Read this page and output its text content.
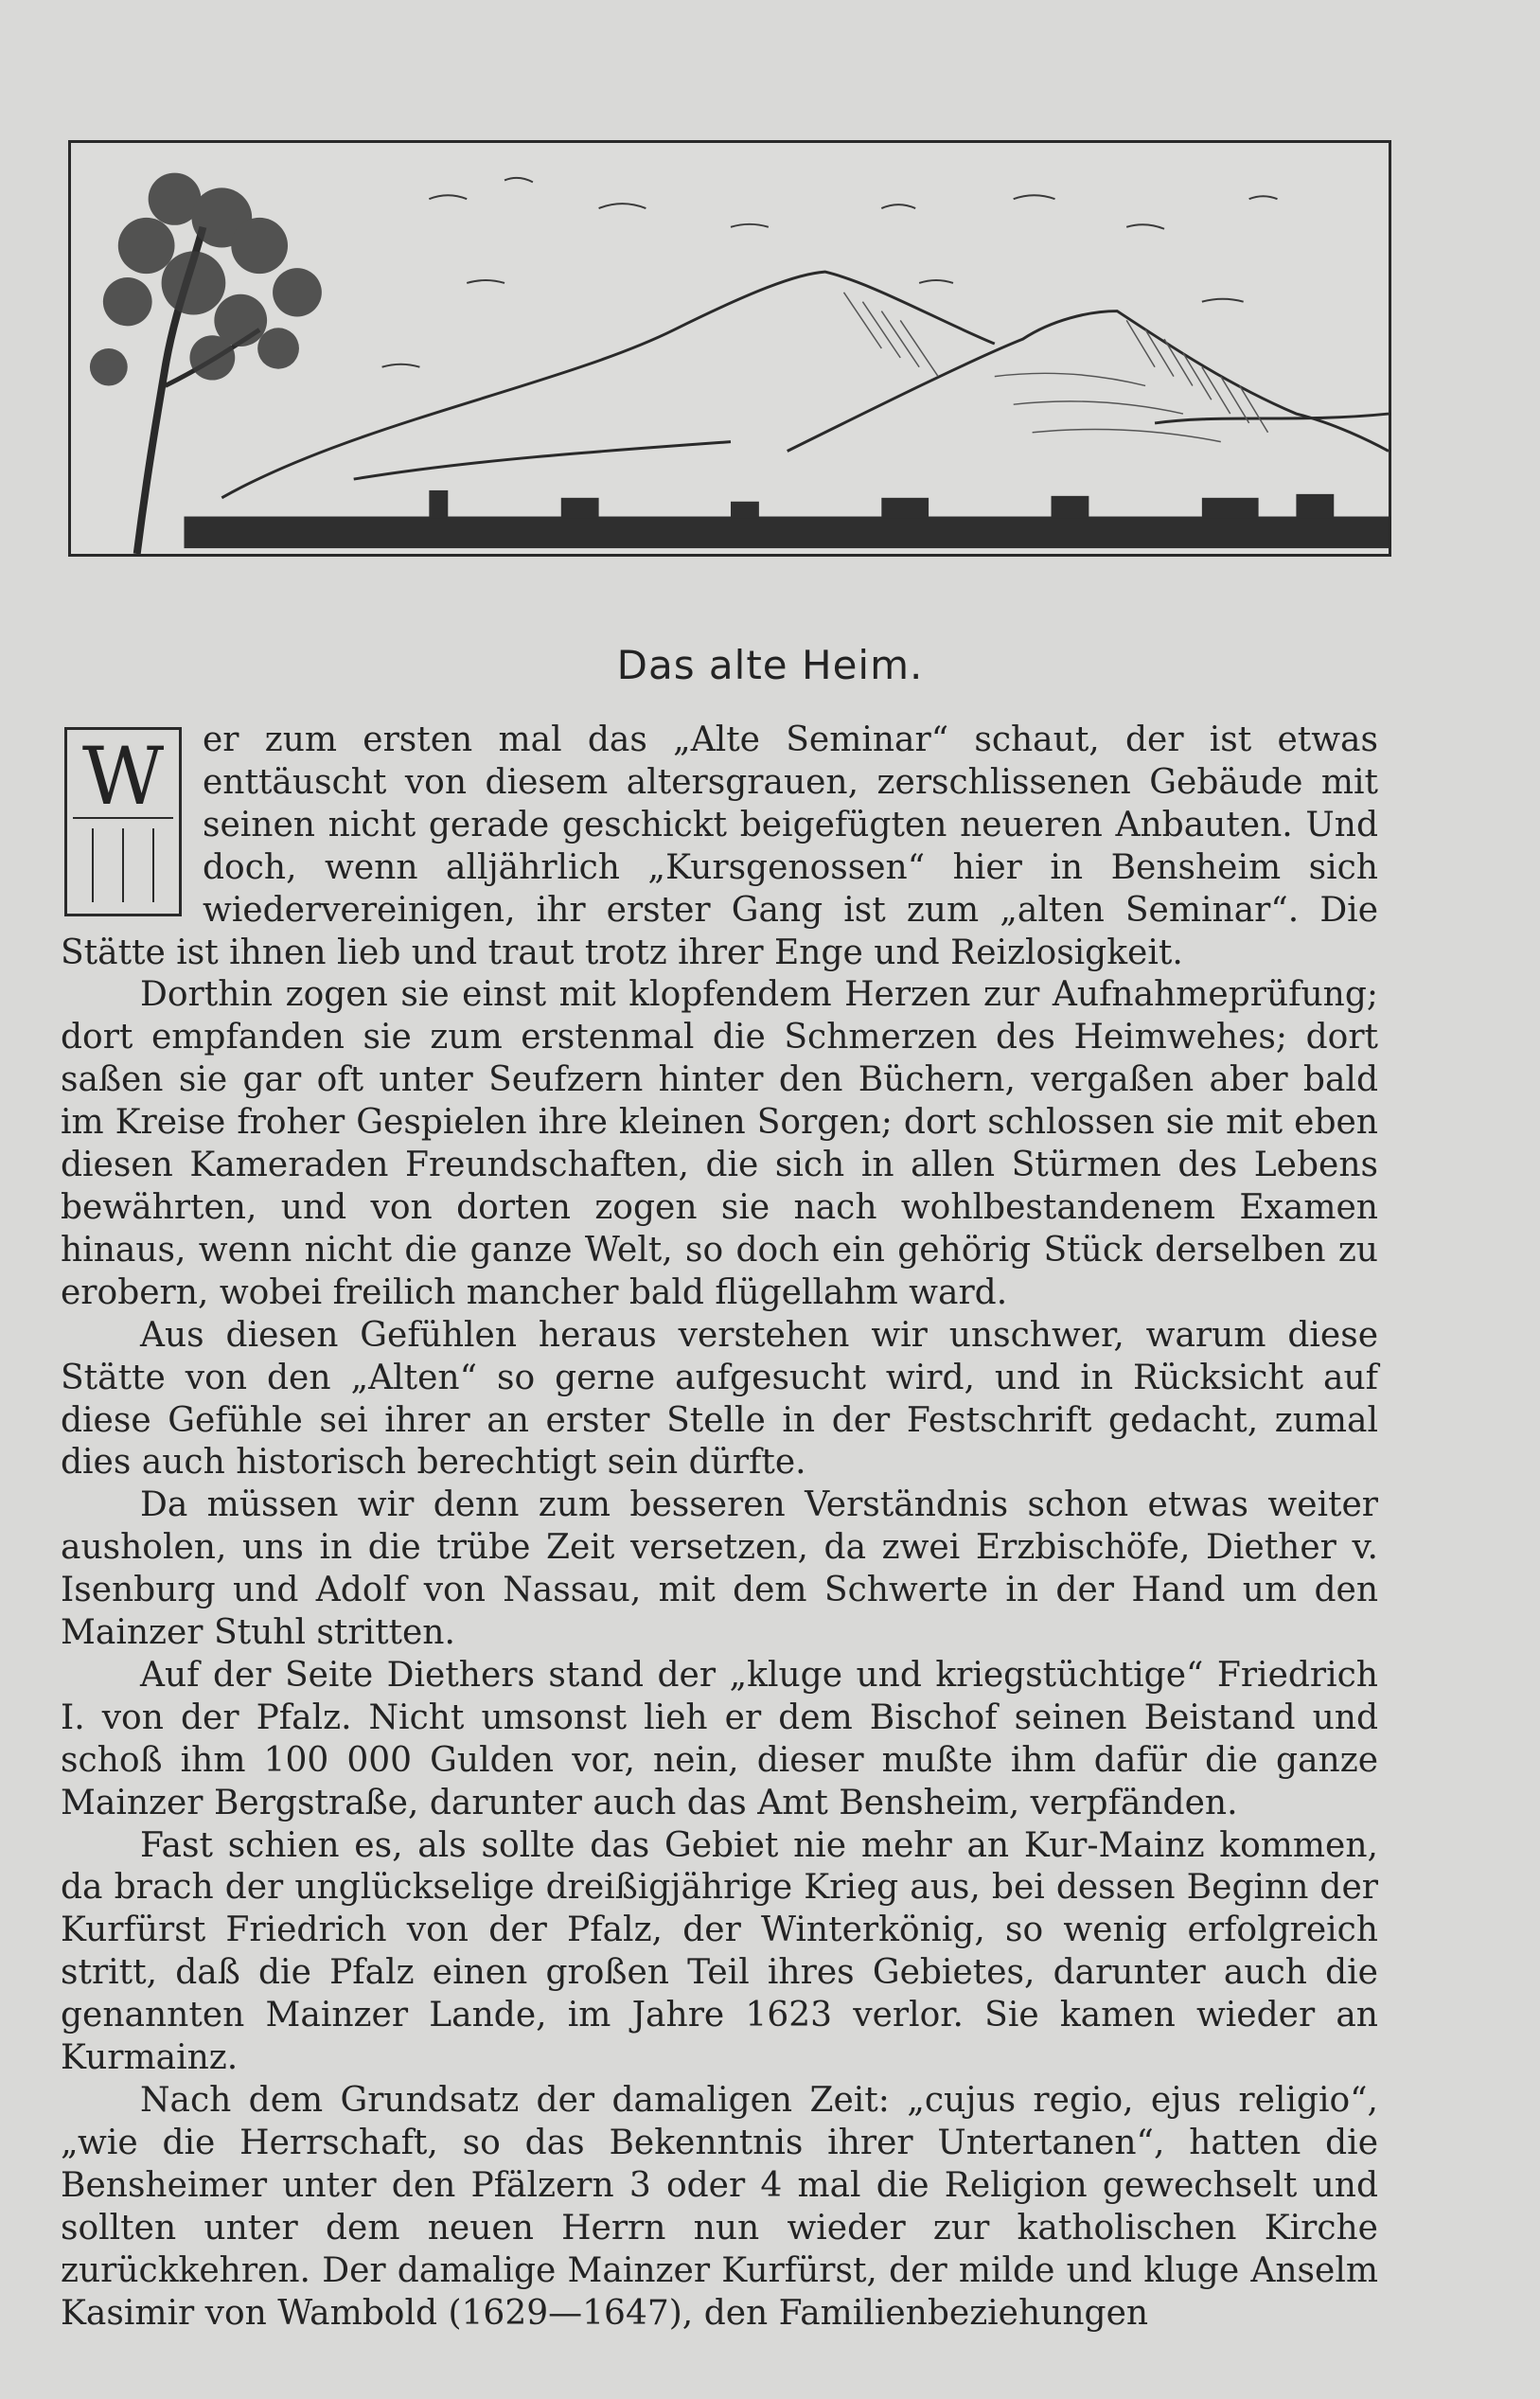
Das alte Heim.

W	er zum ersten mal das „Alte Seminar“ schaut, der ist etwas enttäuscht von diesem altersgrauen, zerschlissenen Gebäude mit seinen nicht gerade geschickt beigefügten neueren Anbauten. Und doch, wenn alljährlich „Kursgenossen“ hier in Bensheim sich wiedervereinigen, ihr erster Gang ist zum „alten Seminar“. Die Stätte ist ihnen lieb und traut trotz ihrer Enge und Reizlosigkeit.

Dorthin zogen sie einst mit klopfendem Herzen zur Aufnahmeprüfung; dort empfanden sie zum erstenmal die Schmerzen des Heimwehes; dort saßen sie gar oft unter Seufzern hinter den Büchern, vergaßen aber bald im Kreise froher Gespielen ihre kleinen Sorgen; dort schlossen sie mit eben diesen Kameraden Freundschaften, die sich in allen Stürmen des Lebens bewährten, und von dorten zogen sie nach wohlbestandenem Examen hinaus, wenn nicht die ganze Welt, so doch ein gehörig Stück derselben zu erobern, wobei freilich mancher bald flügellahm ward.

Aus diesen Gefühlen heraus verstehen wir unschwer, warum diese Stätte von den „Alten“ so gerne aufgesucht wird, und in Rücksicht auf diese Gefühle sei ihrer an erster Stelle in der Festschrift gedacht, zumal dies auch historisch berechtigt sein dürfte.

Da müssen wir denn zum besseren Verständnis schon etwas weiter ausholen, uns in die trübe Zeit versetzen, da zwei Erzbischöfe, Diether v. Isenburg und Adolf von Nassau, mit dem Schwerte in der Hand um den Mainzer Stuhl stritten.

Auf der Seite Diethers stand der „kluge und kriegstüchtige“ Friedrich I. von der Pfalz. Nicht umsonst lieh er dem Bischof seinen Beistand und schoß ihm 100 000 Gulden vor, nein, dieser mußte ihm dafür die ganze Mainzer Bergstraße, darunter auch das Amt Bensheim, verpfänden.

Fast schien es, als sollte das Gebiet nie mehr an Kur-Mainz kommen, da brach der unglückselige dreißigjährige Krieg aus, bei dessen Beginn der Kurfürst Friedrich von der Pfalz, der Winterkönig, so wenig erfolgreich stritt, daß die Pfalz einen großen Teil ihres Gebietes, darunter auch die genannten Mainzer Lande, im Jahre 1623 verlor. Sie kamen wieder an Kurmainz.

Nach dem Grundsatz der damaligen Zeit: „cujus regio, ejus religio“, „wie die Herrschaft, so das Bekenntnis ihrer Untertanen“, hatten die Bensheimer unter den Pfälzern 3 oder 4 mal die Religion gewechselt und sollten unter dem neuen Herrn nun wieder zur katholischen Kirche zurückkehren. Der damalige Mainzer Kurfürst, der milde und kluge Anselm Kasimir von Wambold (1629—1647), den Familienbeziehungen
